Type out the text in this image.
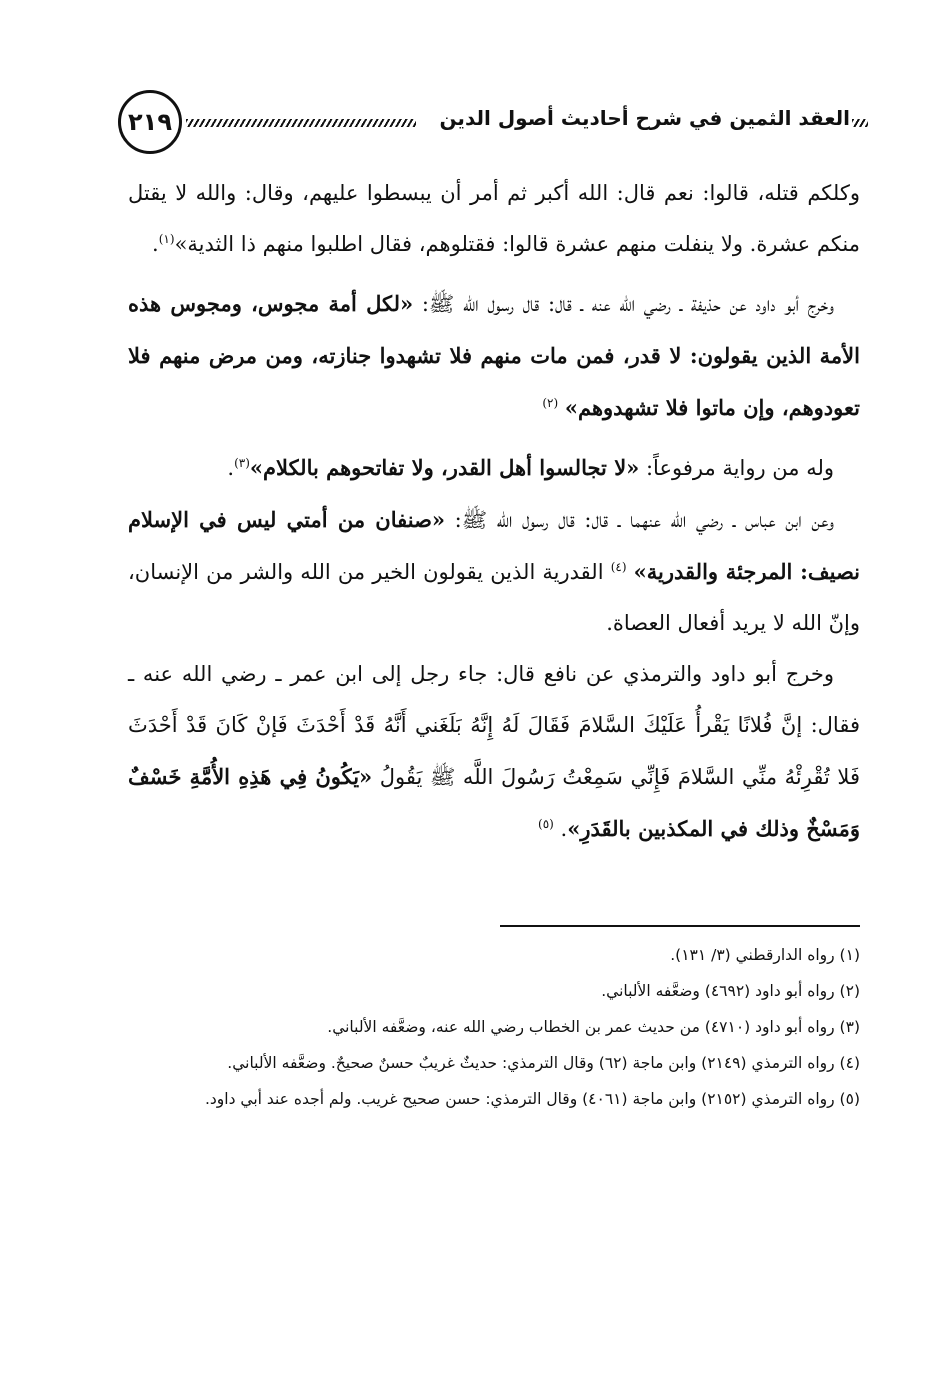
٢١٩	العقد الثمين في شرح أحاديث أصول الدين

وكلكم قتله، قالوا: نعم قال: الله أكبر ثم أمر أن يبسطوا عليهم، وقال: والله لا يقتل منكم عشرة. ولا ينفلت منهم عشرة قالوا: فقتلوهم، فقال اطلبوا منهم ذا الثدية»$^{(١)}$.

وخرج أبو داود عن حذيفة ـ رضي الله عنه ـ قال: قال رسول الله ﷺ: «لكل أمة مجوس، ومجوس هذه الأمة الذين يقولون: لا قدر، فمن مات منهم فلا تشهدوا جنازته، ومن مرض منهم فلا تعودوهم، وإن ماتوا فلا تشهدوهم» $^{(٢)}$

وله من رواية مرفوعاً: «لا تجالسوا أهل القدر، ولا تفاتحوهم بالكلام»$^{(٣)}$.

وعن ابن عباس ـ رضي الله عنهما ـ قال: قال رسول الله ﷺ: «صنفان من أمتي ليس في الإسلام نصيف: المرجئة والقدرية» $^{(٤)}$ القدرية الذين يقولون الخير من الله والشر من الإنسان، وإنّ الله لا يريد أفعال العصاة.

وخرج أبو داود والترمذي عن نافع قال: جاء رجل إلى ابن عمر ـ رضي الله عنه ـ فقال: إنَّ فُلانًا يَقْرأُ عَلَيْكَ السَّلامَ فَقَالَ لَهُ إِنَّهُ بَلَغَني أَنَّهُ قَدْ أَحْدَثَ فَإنْ كَانَ قَدْ أَحْدَثَ فَلا تُقْرِئْهُ منِّي السَّلامَ فَإِنِّي سَمِعْتُ رَسُولَ اللَّه ﷺ يَقُولُ «يَكُونُ فِي هَذِهِ الأُمَّةِ خَسْفٌ وَمَسْخٌ وذلك في المكذبين بالقَدَرِ». $^{(٥)}$

(١) رواه الدارقطني (٣/ ١٣١).

(٢) رواه أبو داود (٤٦٩٢) وضعَّفه الألباني.

(٣) رواه أبو داود (٤٧١٠) من حديث عمر بن الخطاب رضي الله عنه، وضعَّفه الألباني.

(٤) رواه الترمذي (٢١٤٩) وابن ماجة (٦٢) وقال الترمذي: حديثٌ غريبٌ حسنٌ صحيحٌ. وضعَّفه الألباني.

(٥) رواه الترمذي (٢١٥٢) وابن ماجة (٤٠٦١) وقال الترمذي: حسن صحيح غريب. ولم أجده عند أبي داود.
